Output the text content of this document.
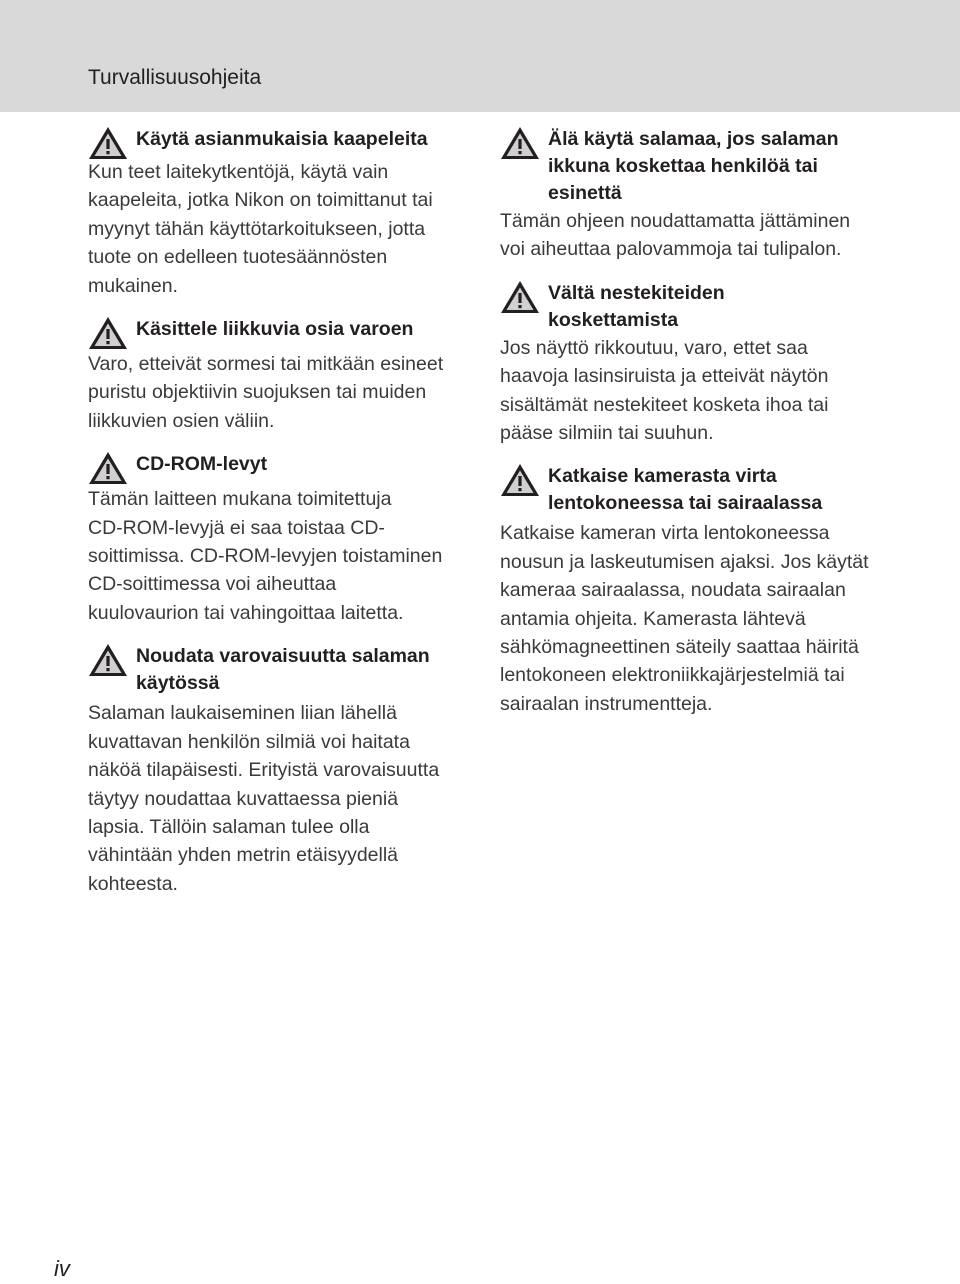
Turvallisuusohjeita
Käytä asianmukaisia kaapeleita
Kun teet laitekytkentöjä, käytä vain
kaapeleita, jotka Nikon on toimittanut tai
myynyt tähän käyttötarkoitukseen, jotta
tuote on edelleen tuotesäännösten
mukainen.
Käsittele liikkuvia osia varoen
Varo, etteivät sormesi tai mitkään esineet
puristu objektiivin suojuksen tai muiden
liikkuvien osien väliin.
CD-ROM-levyt
Tämän laitteen mukana toimitettuja
CD-ROM-levyjä ei saa toistaa CD-
soittimissa. CD-ROM-levyjen toistaminen
CD-soittimessa voi aiheuttaa
kuulovaurion tai vahingoittaa laitetta.
Noudata varovaisuutta salaman
käytössä
Salaman laukaiseminen liian lähellä
kuvattavan henkilön silmiä voi haitata
näköä tilapäisesti. Erityistä varovaisuutta
täytyy noudattaa kuvattaessa pieniä
lapsia. Tällöin salaman tulee olla
vähintään yhden metrin etäisyydellä
kohteesta.
Älä käytä salamaa, jos salaman
ikkuna koskettaa henkilöä tai
esinettä
Tämän ohjeen noudattamatta jättäminen
voi aiheuttaa palovammoja tai tulipalon.
Vältä nestekiteiden
koskettamista
Jos näyttö rikkoutuu, varo, ettet saa
haavoja lasinsiruista ja etteivät näytön
sisältämät nestekiteet kosketa ihoa tai
pääse silmiin tai suuhun.
Katkaise kamerasta virta
lentokoneessa tai sairaalassa
Katkaise kameran virta lentokoneessa
nousun ja laskeutumisen ajaksi. Jos käytät
kameraa sairaalassa, noudata sairaalan
antamia ohjeita. Kamerasta lähtevä
sähkömagneettinen säteily saattaa häiritä
lentokoneen elektroniikkajärjestelmiä tai
sairaalan instrumentteja.
iv
